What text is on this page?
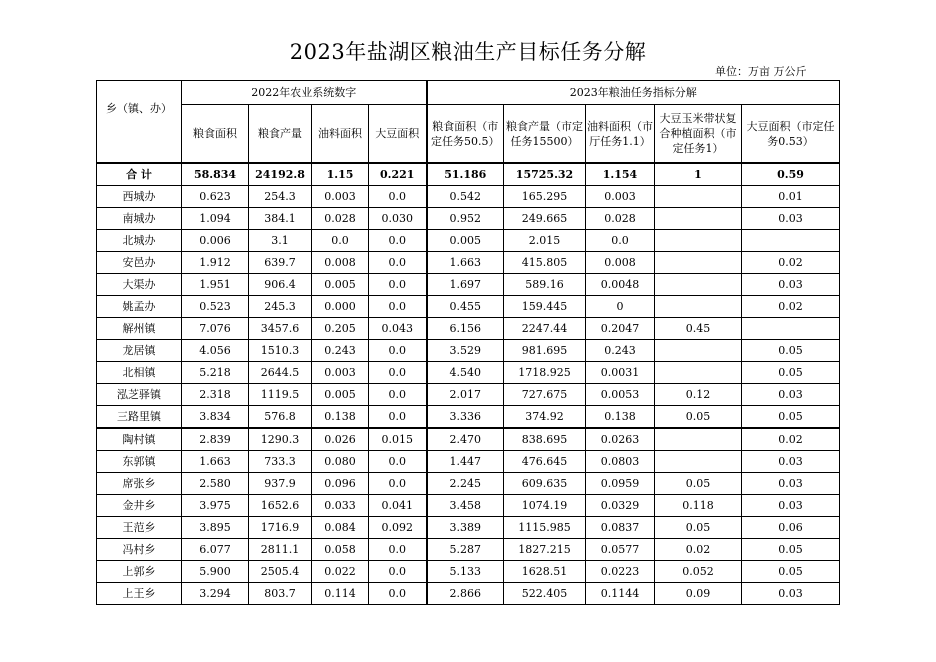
2023年盐湖区粮油生产目标任务分解
单位：万亩 万公斤
乡（镇、办）	2022年农业系统数字				2023年粮油任务指标分解				
	粮食面积	粮食产量	油料面积	大豆面积	粮食面积（市定任务50.5）	粮食产量（市定任务15500）	油料面积（市厅任务1.1）	大豆玉米带状复合种植面积（市定任务1）	大豆面积（市定任务0.53）
合 计	58.834	24192.8	1.15	0.221	51.186	15725.32	1.154	1	0.59
西城办	0.623	254.3	0.003	0.0	0.542	165.295	0.003		0.01
南城办	1.094	384.1	0.028	0.030	0.952	249.665	0.028		0.03
北城办	0.006	3.1	0.0	0.0	0.005	2.015	0.0		
安邑办	1.912	639.7	0.008	0.0	1.663	415.805	0.008		0.02
大渠办	1.951	906.4	0.005	0.0	1.697	589.16	0.0048		0.03
姚孟办	0.523	245.3	0.000	0.0	0.455	159.445	0		0.02
解州镇	7.076	3457.6	0.205	0.043	6.156	2247.44	0.2047	0.45	
龙居镇	4.056	1510.3	0.243	0.0	3.529	981.695	0.243		0.05
北相镇	5.218	2644.5	0.003	0.0	4.540	1718.925	0.0031		0.05
泓芝驿镇	2.318	1119.5	0.005	0.0	2.017	727.675	0.0053	0.12	0.03
三路里镇	3.834	576.8	0.138	0.0	3.336	374.92	0.138	0.05	0.05
陶村镇	2.839	1290.3	0.026	0.015	2.470	838.695	0.0263		0.02
东郭镇	1.663	733.3	0.080	0.0	1.447	476.645	0.0803		0.03
席张乡	2.580	937.9	0.096	0.0	2.245	609.635	0.0959	0.05	0.03
金井乡	3.975	1652.6	0.033	0.041	3.458	1074.19	0.0329	0.118	0.03
王范乡	3.895	1716.9	0.084	0.092	3.389	1115.985	0.0837	0.05	0.06
冯村乡	6.077	2811.1	0.058	0.0	5.287	1827.215	0.0577	0.02	0.05
上郭乡	5.900	2505.4	0.022	0.0	5.133	1628.51	0.0223	0.052	0.05
上王乡	3.294	803.7	0.114	0.0	2.866	522.405	0.1144	0.09	0.03
